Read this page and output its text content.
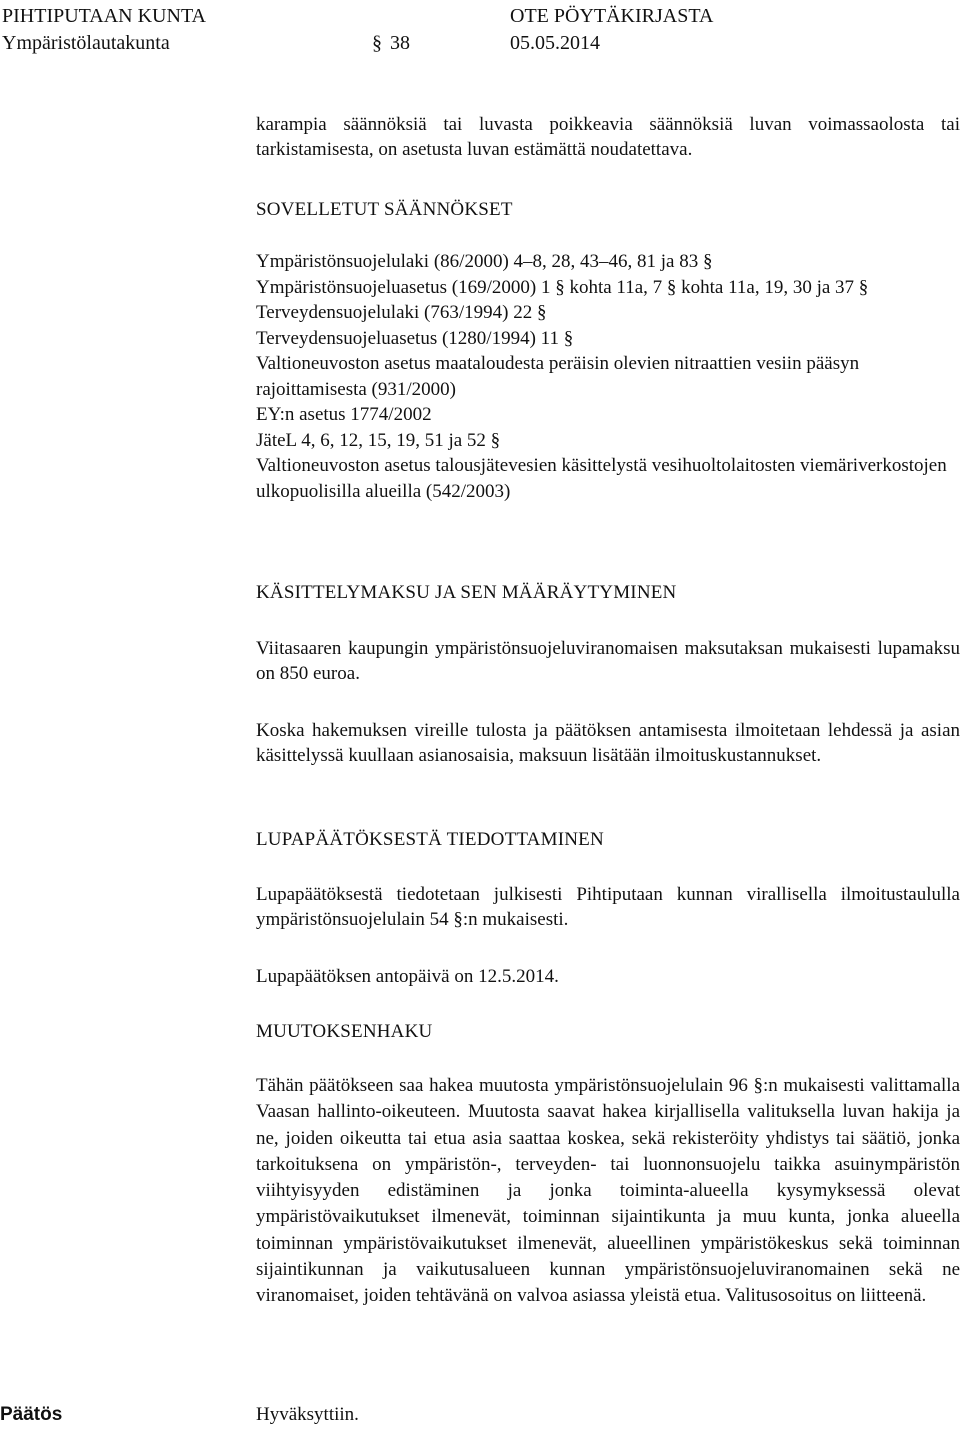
PIHTIPUTAAN KUNTA	OTE PÖYTÄKIRJASTA
Ympäristölautakunta
§	38	05.05.2014

karampia säännöksiä tai luvasta poikkeavia säännöksiä luvan voimassaolosta tai tarkistamisesta, on asetusta luvan estämättä noudatettava.

SOVELLETUT SÄÄNNÖKSET

Ympäristönsuojelulaki (86/2000) 4–8, 28, 43–46, 81 ja 83 §
Ympäristönsuojeluasetus (169/2000) 1 § kohta 11a, 7 § kohta 11a, 19, 30 ja 37 §
Terveydensuojelulaki (763/1994) 22 §
Terveydensuojeluasetus (1280/1994) 11 §
Valtioneuvoston asetus maataloudesta peräisin olevien nitraattien vesiin pääsyn rajoittamisesta (931/2000)
EY:n asetus 1774/2002
JäteL 4, 6, 12, 15, 19, 51 ja 52 §
Valtioneuvoston asetus talousjätevesien käsittelystä vesihuoltolaitosten viemäriverkostojen ulkopuolisilla alueilla (542/2003)

KÄSITTELYMAKSU JA SEN MÄÄRÄYTYMINEN

Viitasaaren kaupungin ympäristönsuojeluviranomaisen maksutaksan mukaisesti lupamaksu on 850 euroa.

Koska hakemuksen vireille tulosta ja päätöksen antamisesta ilmoitetaan lehdessä ja asian käsittelyssä kuullaan asianosaisia, maksuun lisätään ilmoituskustannukset.

LUPAPÄÄTÖKSESTÄ TIEDOTTAMINEN

Lupapäätöksestä tiedotetaan julkisesti Pihtiputaan kunnan virallisella ilmoitustaululla ympäristönsuojelulain 54 §:n mukaisesti.

Lupapäätöksen antopäivä on 12.5.2014.

MUUTOKSENHAKU

Tähän päätökseen saa hakea muutosta ympäristönsuojelulain 96 §:n mukaisesti valittamalla Vaasan hallinto-oikeuteen. Muutosta saavat hakea kirjallisella valituksella luvan hakija ja ne, joiden oikeutta tai etua asia saattaa koskea, sekä rekisteröity yhdistys tai säätiö, jonka tarkoituksena on ympäristön-, terveyden- tai luonnonsuojelu taikka asuinympäristön viihtyisyyden edistäminen ja jonka toiminta-alueella kysymyksessä olevat ympäristövaikutukset ilmenevät, toiminnan sijaintikunta ja muu kunta, jonka alueella toiminnan ympäristövaikutukset ilmenevät, alueellinen ympäristökeskus sekä toiminnan sijaintikunnan ja vaikutusalueen kunnan ympäristönsuojeluviranomainen sekä ne viranomaiset, joiden tehtävänä on valvoa asiassa yleistä etua. Valitusosoitus on liitteenä.

Päätös	Hyväksyttiin.
